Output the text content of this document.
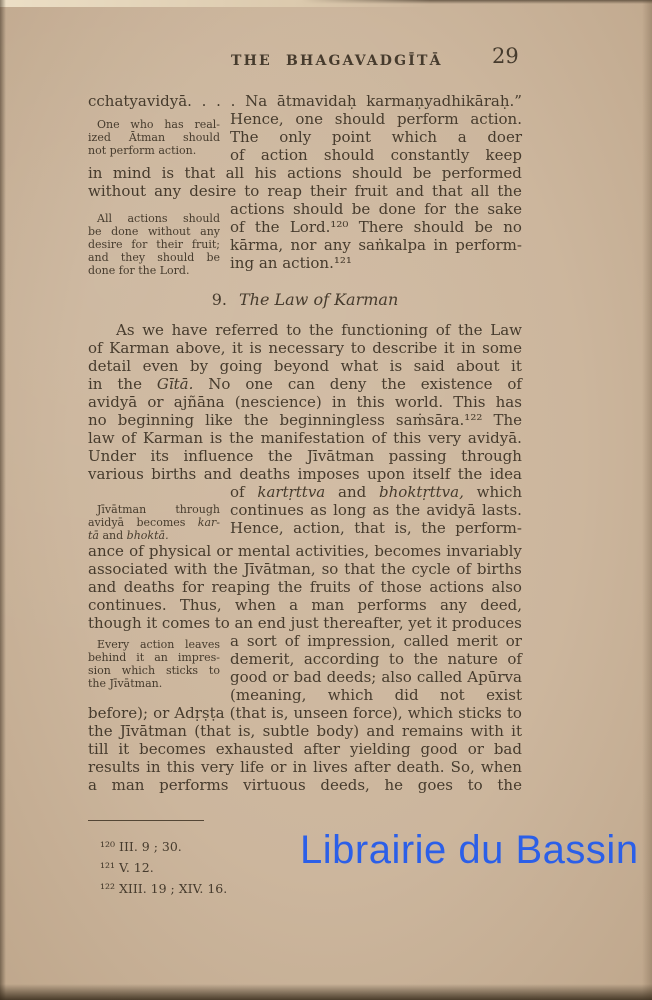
THE BHAGAVADGĪTĀ 29
cchatyavidyā. . . . Na ātmavidaḥ karmaṇyadhikāraḥ.”
One who has real-
ized Ātman should
not perform action.
Hence, one should perform action.
The only point which a doer
of action should constantly keep
in mind is that all his actions should be performed
without any desire to reap their fruit and that all the
All actions should
be done without any
desire for their fruit;
and they should be
done for the Lord.
actions should be done for the sake
of the Lord.¹²⁰ There should be no
kārma, nor any saṅkalpa in perform-
ing an action.¹²¹
9. The Law of Karman
As we have referred to the functioning of the Law
of Karman above, it is necessary to describe it in some
detail even by going beyond what is said about it
in the Gītā. No one can deny the existence of
avidyā or ajñāna (nescience) in this world. This has
no beginning like the beginningless saṁsāra.¹²² The
law of Karman is the manifestation of this very avidyā.
Under its influence the Jīvātman passing through
various births and deaths imposes upon itself the idea
Jīvātman	through
avidyā becomes kar-
tā and bhoktā.
of kartṛttva and bhoktṛttva, which
continues as long as the avidyā lasts.
Hence, action, that is, the perform-
ance of physical or mental activities, becomes invariably
associated with the Jīvātman, so that the cycle of births
and deaths for reaping the fruits of those actions also
continues. Thus, when a man performs any deed,
though it comes to an end just thereafter, yet it produces
Every action leaves
behind it an impres-
sion which sticks to
the Jīvātman.
a sort of impression, called merit or
demerit, according to the nature of
good or bad deeds; also called Apūrva
(meaning, which did not exist
before); or Adṛṣṭa (that is, unseen force), which sticks to
the Jīvātman (that is, subtle body) and remains with it
till it becomes exhausted after yielding good or bad
results in this very life or in lives after death. So, when
a man performs virtuous deeds, he goes to the
¹²⁰ III. 9 ; 30.
¹²¹ V. 12.
¹²² XIII. 19 ; XIV. 16.
Librairie du Bassin
